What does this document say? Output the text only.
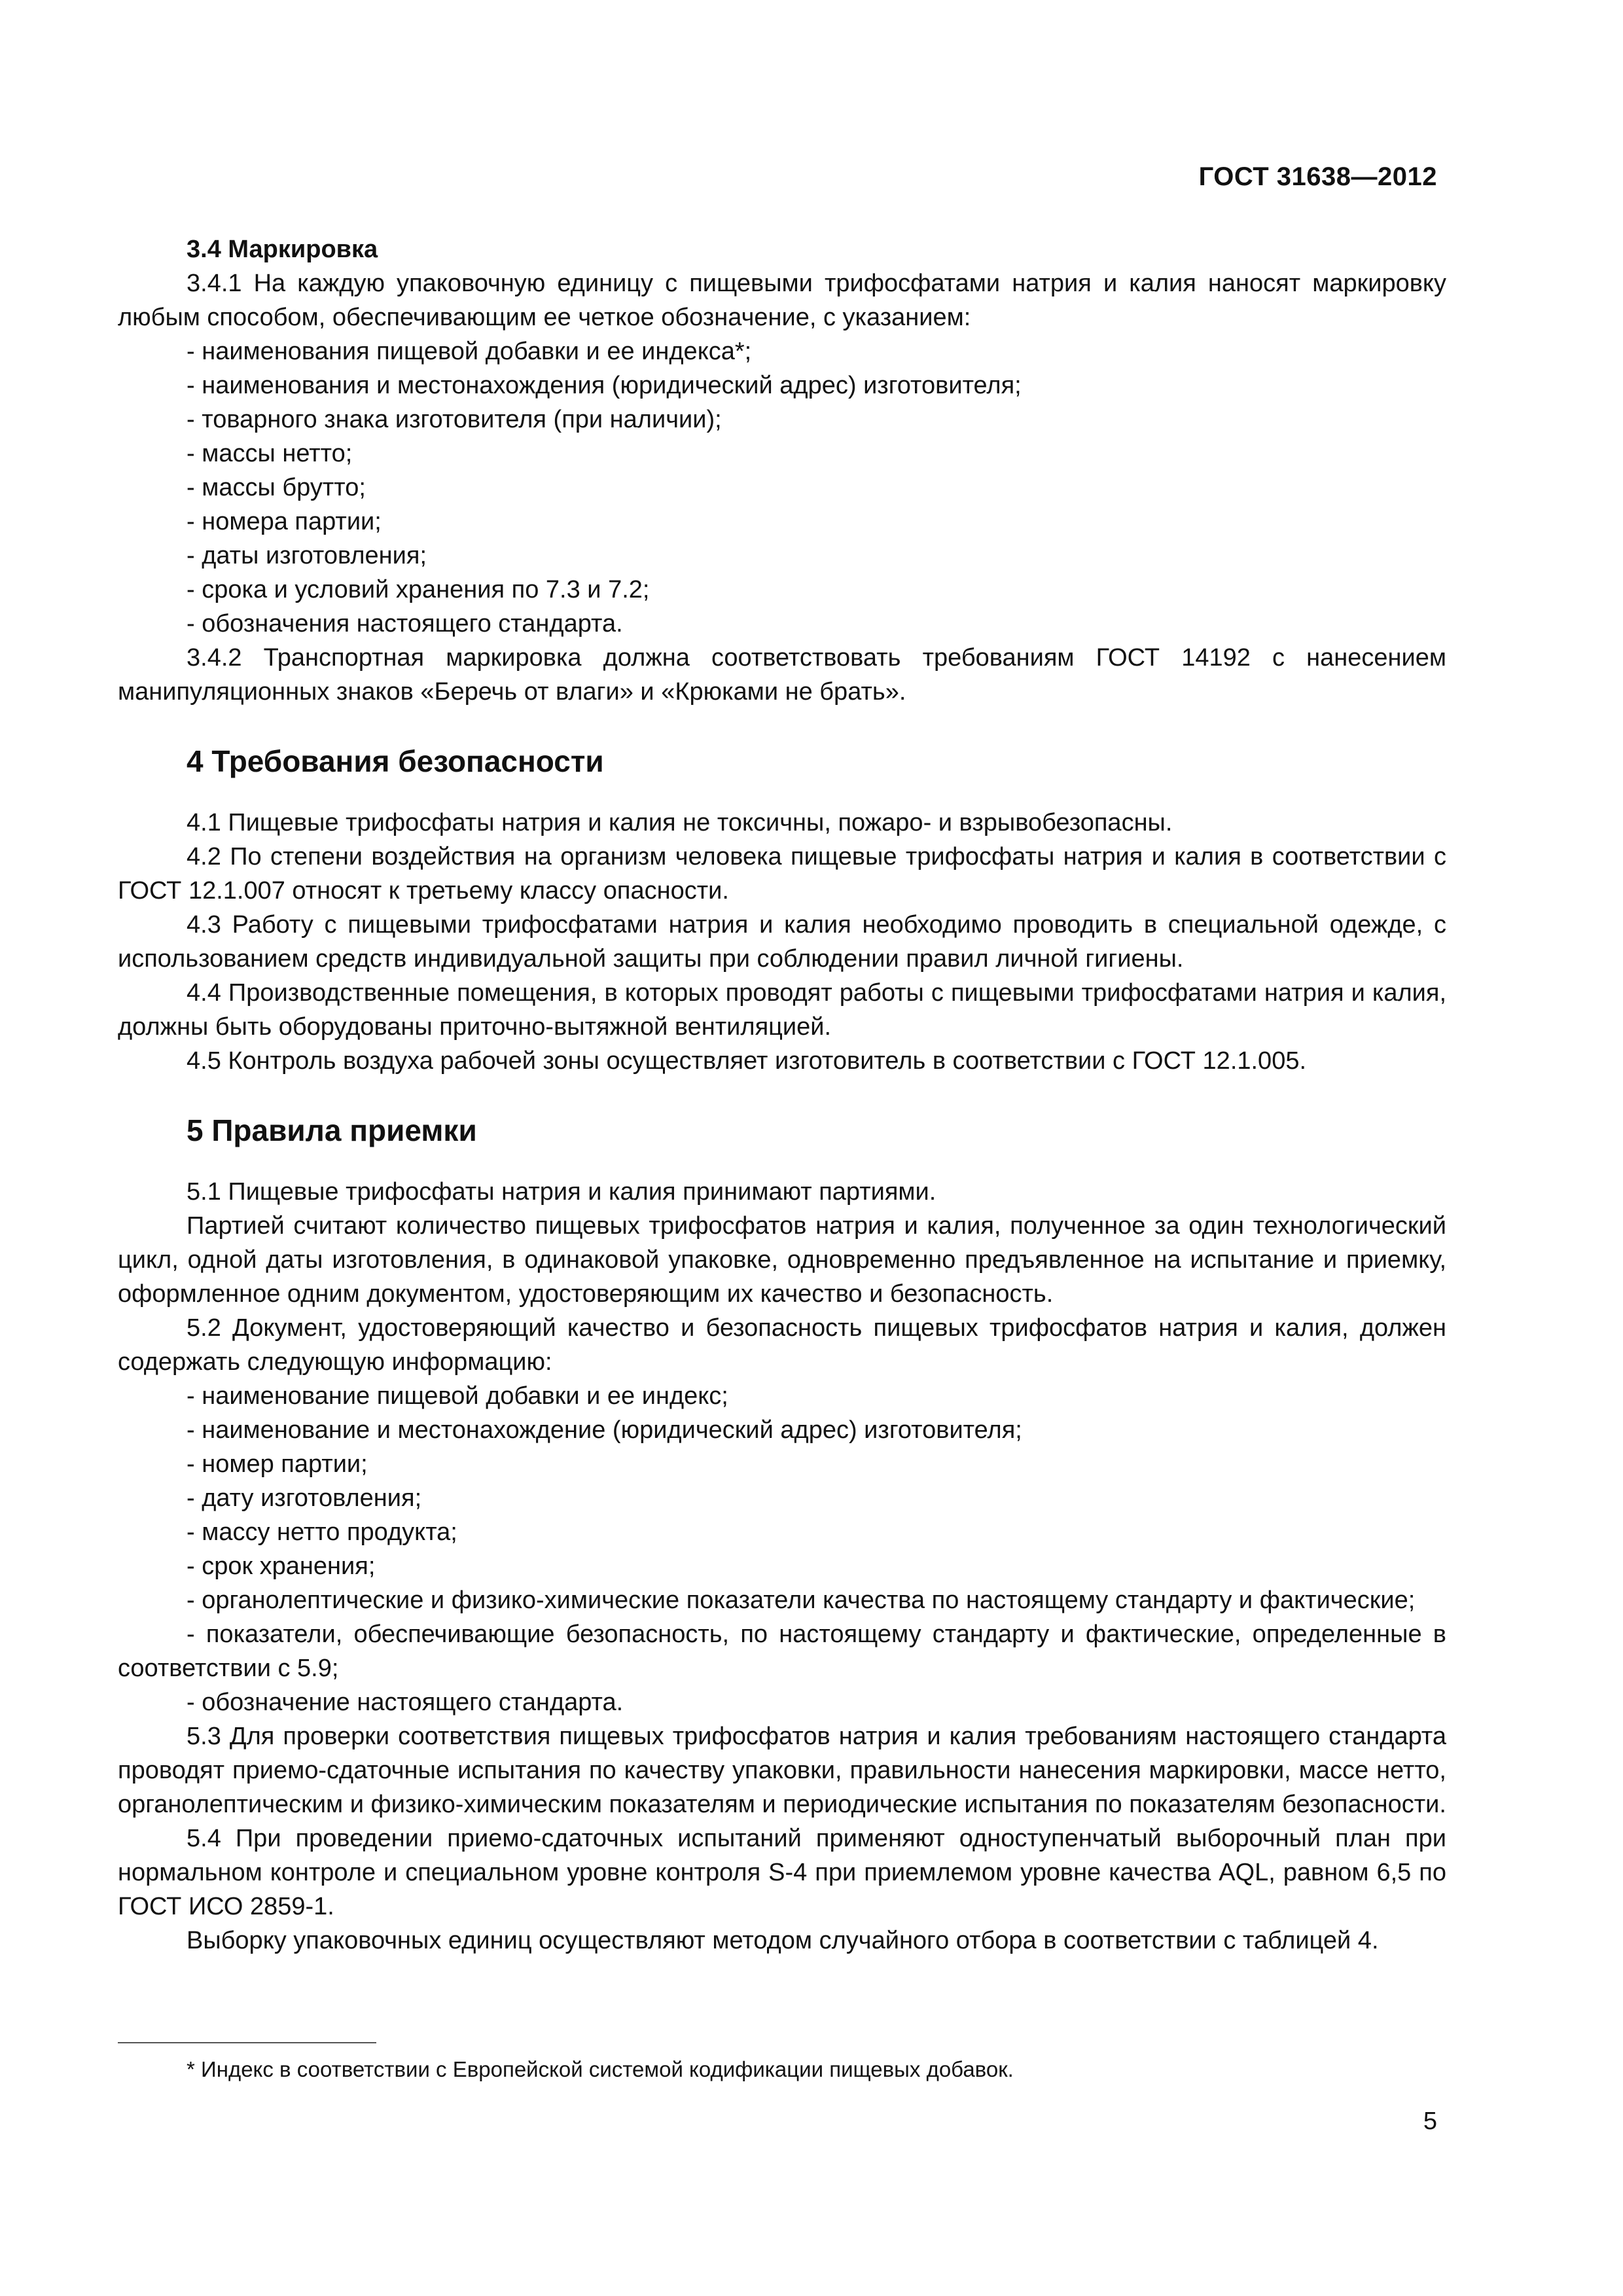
ГОСТ 31638—2012
3.4 Маркировка

3.4.1 На каждую упаковочную единицу с пищевыми трифосфатами натрия и калия наносят маркировку любым способом, обеспечивающим ее четкое обозначение, с указанием:

- наименования пищевой добавки и ее индекса*;

- наименования и местонахождения (юридический адрес) изготовителя;

- товарного знака изготовителя (при наличии);

- массы нетто;

- массы брутто;

- номера партии;

- даты изготовления;

- срока и условий хранения по 7.3 и 7.2;

- обозначения настоящего стандарта.

3.4.2 Транспортная маркировка должна соответствовать требованиям ГОСТ 14192 с нанесением манипуляционных знаков «Беречь от влаги» и «Крюками не брать».

4 Требования безопасности

4.1 Пищевые трифосфаты натрия и калия не токсичны, пожаро- и взрывобезопасны.

4.2 По степени воздействия на организм человека пищевые трифосфаты натрия и калия в соответствии с ГОСТ 12.1.007 относят к третьему классу опасности.

4.3 Работу с пищевыми трифосфатами натрия и калия необходимо проводить в специальной одежде, с использованием средств индивидуальной защиты при соблюдении правил личной гигиены.

4.4 Производственные помещения, в которых проводят работы с пищевыми трифосфатами натрия и калия, должны быть оборудованы приточно-вытяжной вентиляцией.

4.5 Контроль воздуха рабочей зоны осуществляет изготовитель в соответствии с ГОСТ 12.1.005.

5 Правила приемки

5.1 Пищевые трифосфаты натрия и калия принимают партиями.

Партией считают количество пищевых трифосфатов натрия и калия, полученное за один технологический цикл, одной даты изготовления, в одинаковой упаковке, одновременно предъявленное на испытание и приемку, оформленное одним документом, удостоверяющим их качество и безопасность.

5.2 Документ, удостоверяющий качество и безопасность пищевых трифосфатов натрия и калия, должен содержать следующую информацию:

- наименование пищевой добавки и ее индекс;

- наименование и местонахождение (юридический адрес) изготовителя;

- номер партии;

- дату изготовления;

- массу нетто продукта;

- срок хранения;

- органолептические и физико-химические показатели качества по настоящему стандарту и фактические;

- показатели, обеспечивающие безопасность, по настоящему стандарту и фактические, определенные в соответствии с 5.9;

- обозначение настоящего стандарта.

5.3 Для проверки соответствия пищевых трифосфатов натрия и калия требованиям настоящего стандарта проводят приемо-сдаточные испытания по качеству упаковки, правильности нанесения маркировки, массе нетто, органолептическим и физико-химическим показателям и периодические испытания по показателям безопасности.

5.4 При проведении приемо-сдаточных испытаний применяют одноступенчатый выборочный план при нормальном контроле и специальном уровне контроля S-4 при приемлемом уровне качества AQL, равном 6,5 по ГОСТ ИСО 2859-1.

Выборку упаковочных единиц осуществляют методом случайного отбора в соответствии с таблицей 4.

* Индекс в соответствии с Европейской системой кодификации пищевых добавок.
5
